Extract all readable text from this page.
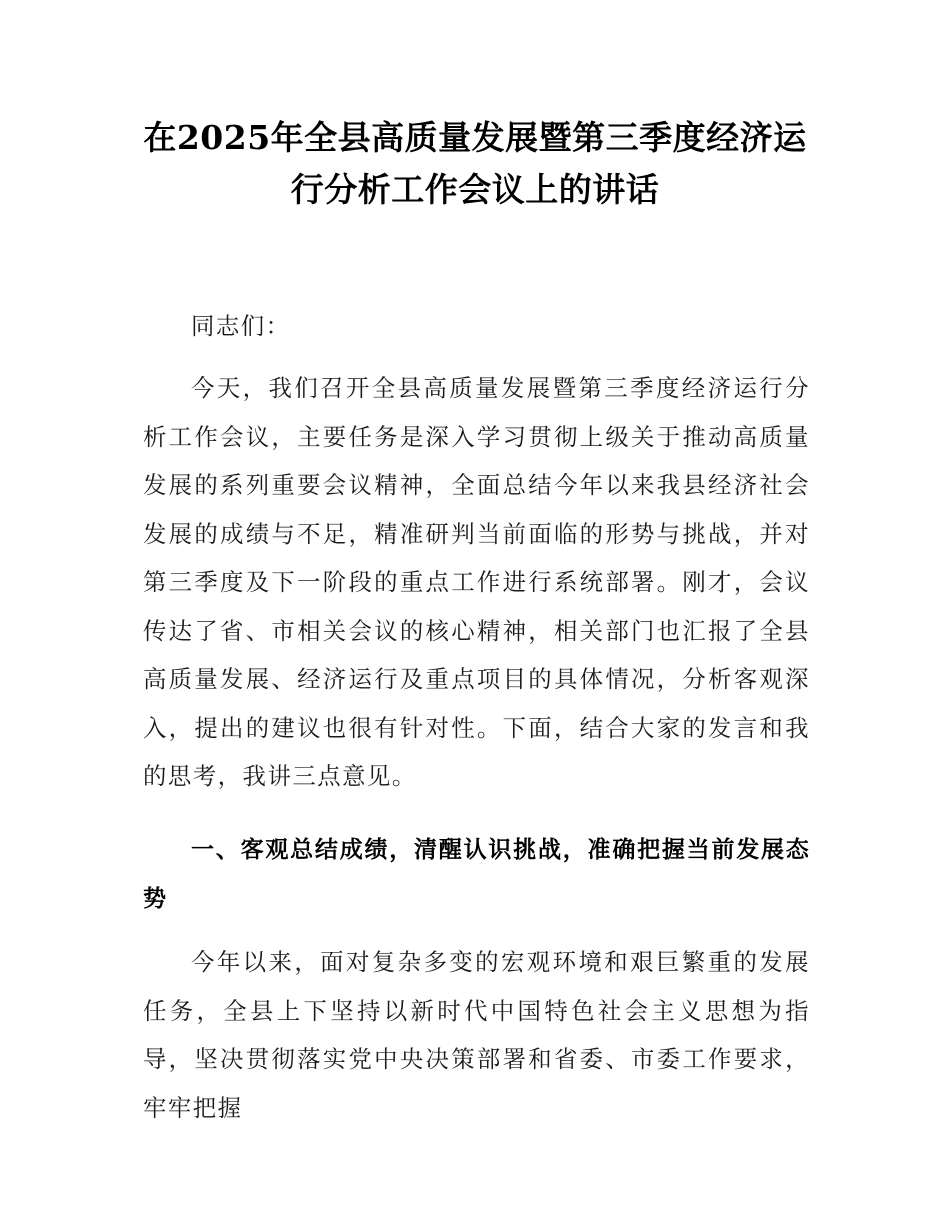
在2025年全县高质量发展暨第三季度经济运行分析工作会议上的讲话

同志们：

今天，我们召开全县高质量发展暨第三季度经济运行分析工作会议，主要任务是深入学习贯彻上级关于推动高质量发展的系列重要会议精神，全面总结今年以来我县经济社会发展的成绩与不足，精准研判当前面临的形势与挑战，并对第三季度及下一阶段的重点工作进行系统部署。刚才，会议传达了省、市相关会议的核心精神，相关部门也汇报了全县高质量发展、经济运行及重点项目的具体情况，分析客观深入，提出的建议也很有针对性。下面，结合大家的发言和我的思考，我讲三点意见。

一、客观总结成绩，清醒认识挑战，准确把握当前发展态势

今年以来，面对复杂多变的宏观环境和艰巨繁重的发展任务，全县上下坚持以新时代中国特色社会主义思想为指导，坚决贯彻落实党中央决策部署和省委、市委工作要求，牢牢把握
